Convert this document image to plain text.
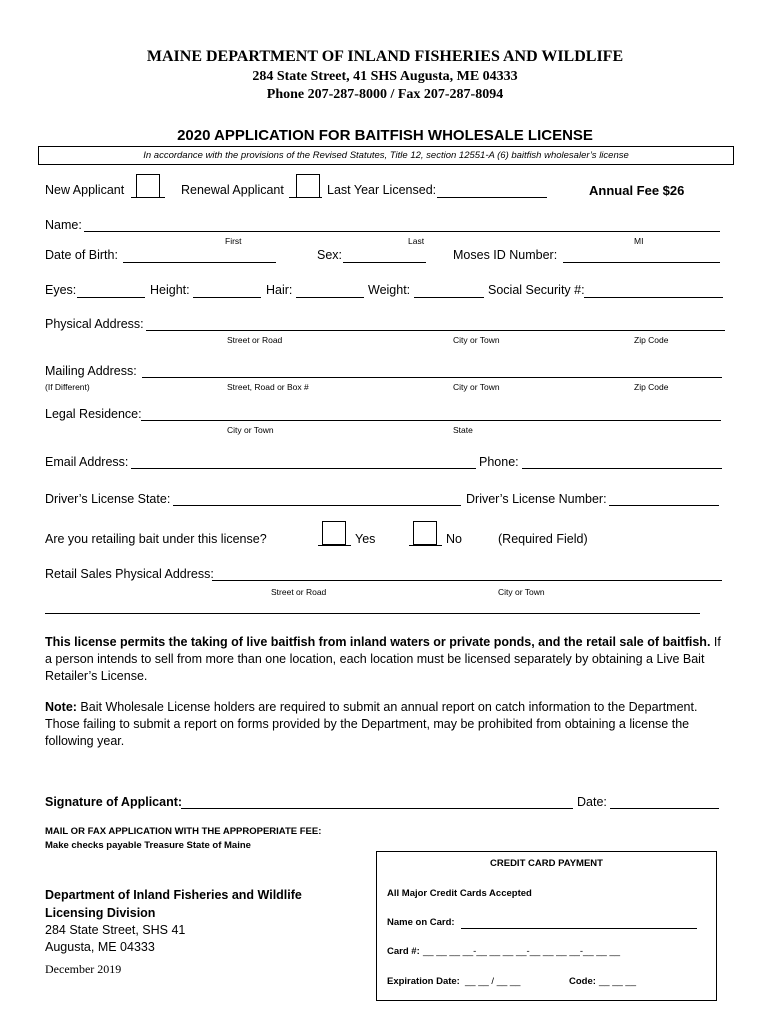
MAINE DEPARTMENT OF INLAND FISHERIES AND WILDLIFE
284 State Street, 41 SHS Augusta, ME 04333
Phone 207-287-8000 / Fax 207-287-8094
2020 APPLICATION FOR BAITFISH WHOLESALE LICENSE
In accordance with the provisions of the Revised Statutes, Title 12, section 12551-A (6) baitfish wholesaler’s license
New Applicant	Renewal Applicant	Last Year Licensed:	Annual Fee $26
Name:
First	Last	MI
Date of Birth:	Sex:	Moses ID Number:
Eyes:	Height:	Hair:	Weight:	Social Security #:
Physical Address:
Street or Road	City or Town	Zip Code
Mailing Address:
(If Different)	Street, Road or Box #	City or Town	Zip Code
Legal Residence:
City or Town	State
Email Address:	Phone:
Driver’s License State:	Driver’s License Number:
Are you retailing bait under this license?	Yes	No	(Required Field)
Retail Sales Physical Address:
Street or Road	City or Town
This license permits the taking of live baitfish from inland waters or private ponds, and the retail sale of baitfish. If a person intends to sell from more than one location, each location must be licensed separately by obtaining a Live Bait Retailer’s License.
Note: Bait Wholesale License holders are required to submit an annual report on catch information to the Department. Those failing to submit a report on forms provided by the Department, may be prohibited from obtaining a license the following year.
Signature of Applicant:	Date:
MAIL OR FAX APPLICATION WITH THE APPROPERIATE FEE:
Make checks payable Treasure State of Maine
Department of Inland Fisheries and Wildlife
Licensing Division
284 State Street, SHS 41
Augusta, ME 04333
December 2019
CREDIT CARD PAYMENT
All Major Credit Cards Accepted
Name on Card:
Card #: __ __ __ __-__ __ __ __-__ __ __ __-__ __ __
Expiration Date: __ __ / __ __	Code: __ __ __
